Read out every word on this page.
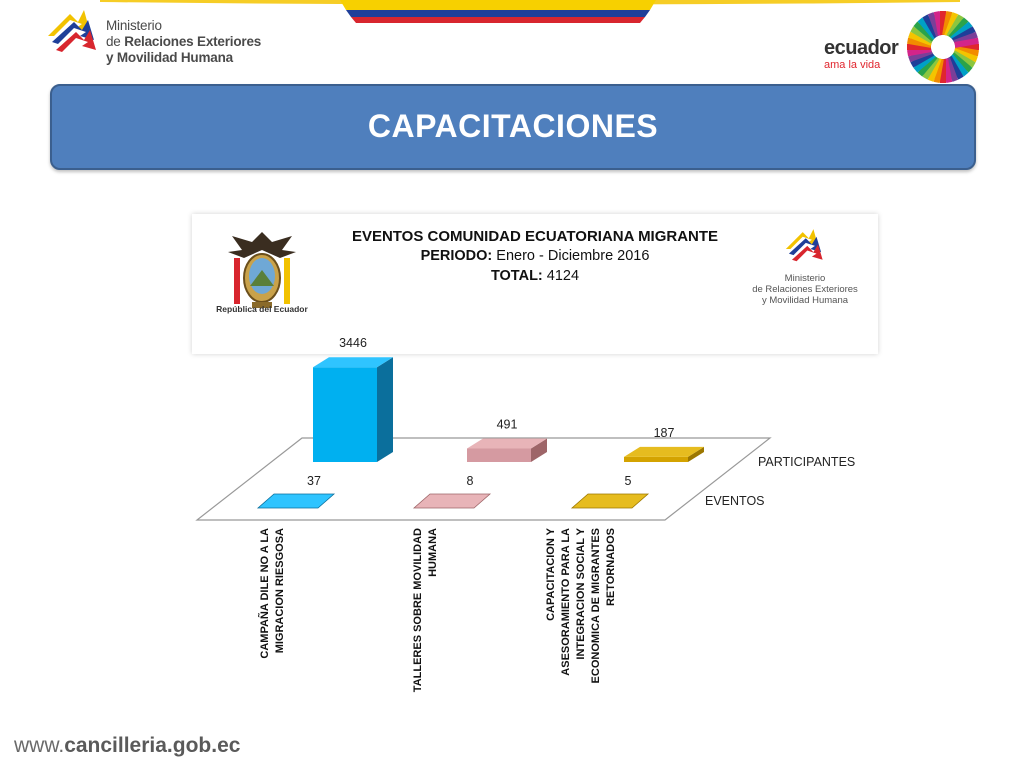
Ministerio
de Relaciones Exteriores
y Movilidad Humana	ecuador
ama la vida
CAPACITACIONES
EVENTOS COMUNIDAD ECUATORIANA MIGRANTE
PERIODO: Enero - Diciembre 2016
TOTAL: 4124
República del Ecuador
Ministerio
de Relaciones Exteriores
y Movilidad Humana
3446
491
187
37	8	5
PARTICIPANTES
EVENTOS
CAMPAÑA DILE NO A LA MIGRACION RIESGOSA	TALLERES SOBRE MOVILIDAD HUMANA	CAPACITACION Y ASESORAMIENTO PARA LA INTEGRACION SOCIAL Y ECONOMICA DE MIGRANTES RETORNADOS
www.cancilleria.gob.ec
